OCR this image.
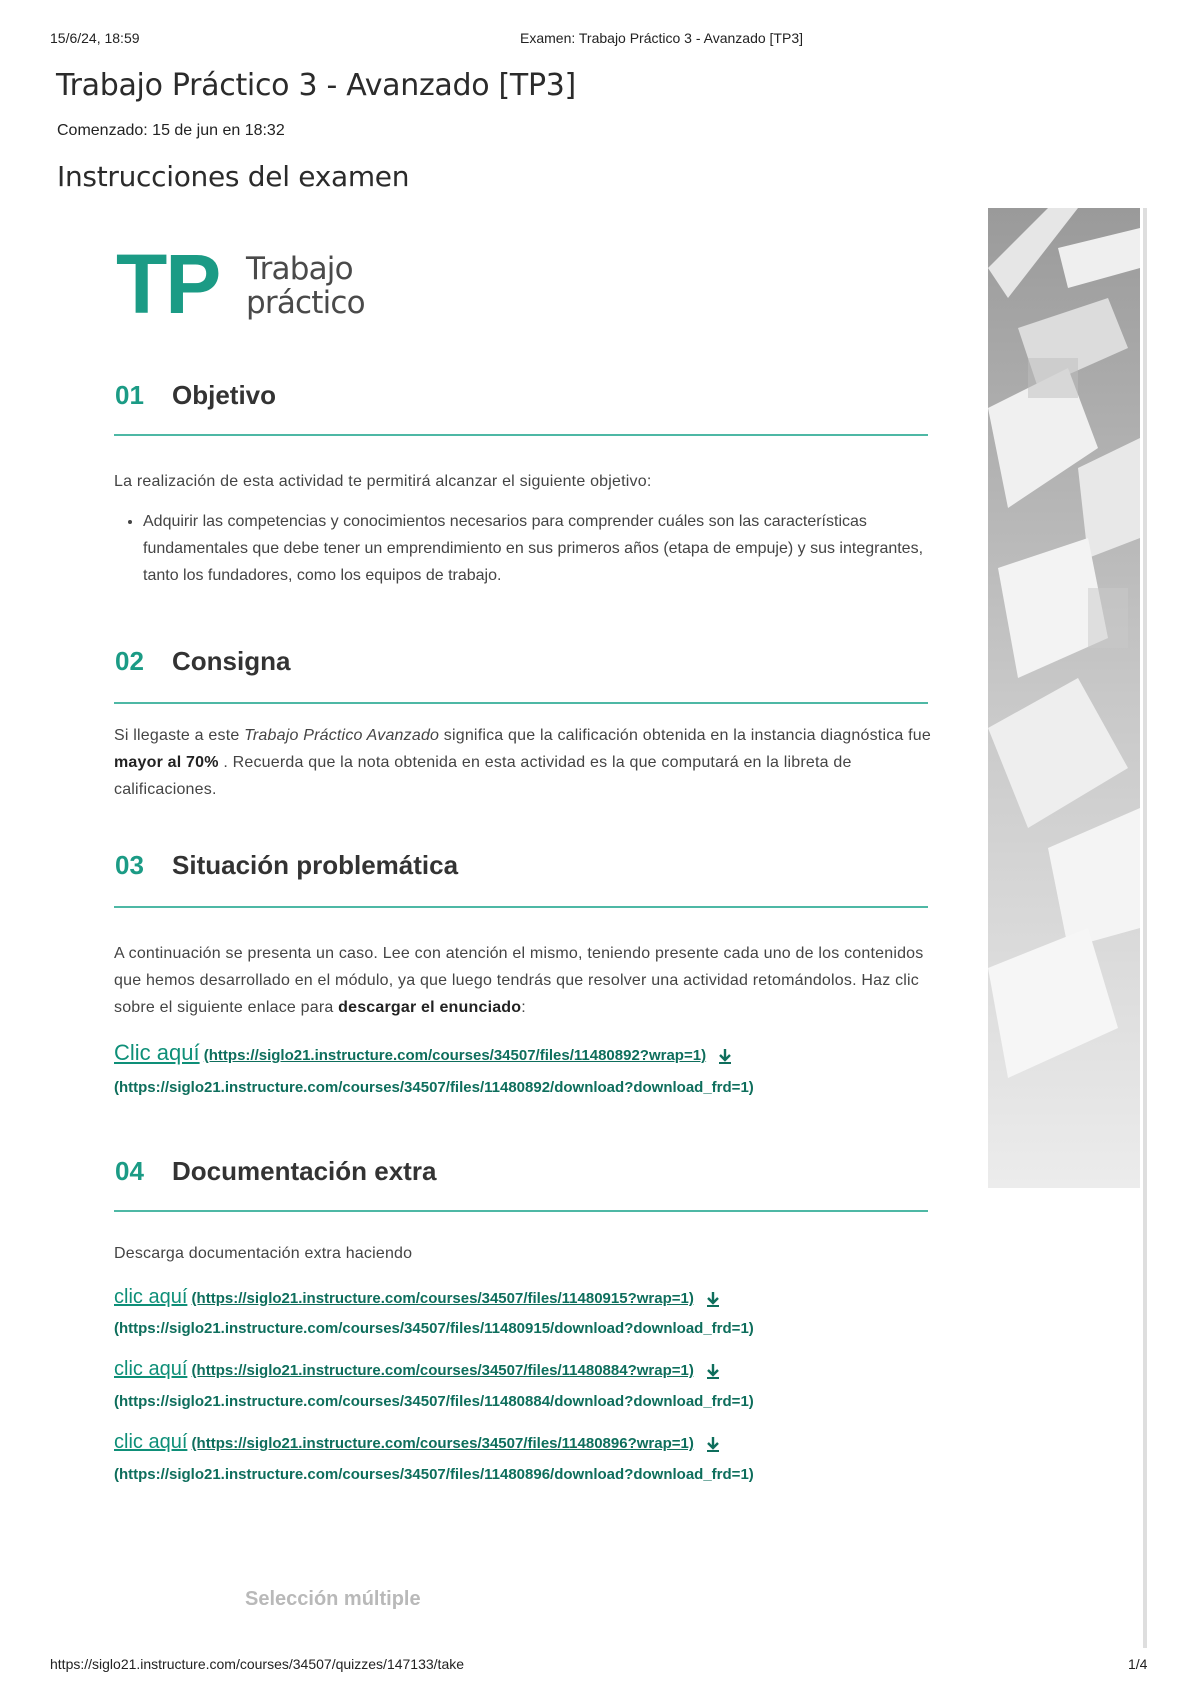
15/6/24, 18:59	Examen: Trabajo Práctico 3 - Avanzado [TP3]
Trabajo Práctico 3 - Avanzado [TP3]
Comenzado: 15 de jun en 18:32
Instrucciones del examen
TP Trabajo
práctico
01 Objetivo
La realización de esta actividad te permitirá alcanzar el siguiente objetivo:
• Adquirir las competencias y conocimientos necesarios para comprender cuáles son las características fundamentales que debe tener un emprendimiento en sus primeros años (etapa de empuje) y sus integrantes, tanto los fundadores, como los equipos de trabajo.
02 Consigna
Si llegaste a este Trabajo Práctico Avanzado significa que la calificación obtenida en la instancia diagnóstica fue mayor al 70% . Recuerda que la nota obtenida en esta actividad es la que computará en la libreta de calificaciones.
03 Situación problemática
A continuación se presenta un caso. Lee con atención el mismo, teniendo presente cada uno de los contenidos que hemos desarrollado en el módulo, ya que luego tendrás que resolver una actividad retomándolos. Haz clic sobre el siguiente enlace para descargar el enunciado:
Clic aquí (https://siglo21.instructure.com/courses/34507/files/11480892?wrap=1)
(https://siglo21.instructure.com/courses/34507/files/11480892/download?download_frd=1)
04 Documentación extra
Descarga documentación extra haciendo
clic aquí (https://siglo21.instructure.com/courses/34507/files/11480915?wrap=1)
(https://siglo21.instructure.com/courses/34507/files/11480915/download?download_frd=1)
clic aquí (https://siglo21.instructure.com/courses/34507/files/11480884?wrap=1)
(https://siglo21.instructure.com/courses/34507/files/11480884/download?download_frd=1)
clic aquí (https://siglo21.instructure.com/courses/34507/files/11480896?wrap=1)
(https://siglo21.instructure.com/courses/34507/files/11480896/download?download_frd=1)
Selección múltiple
https://siglo21.instructure.com/courses/34507/quizzes/147133/take	1/4
